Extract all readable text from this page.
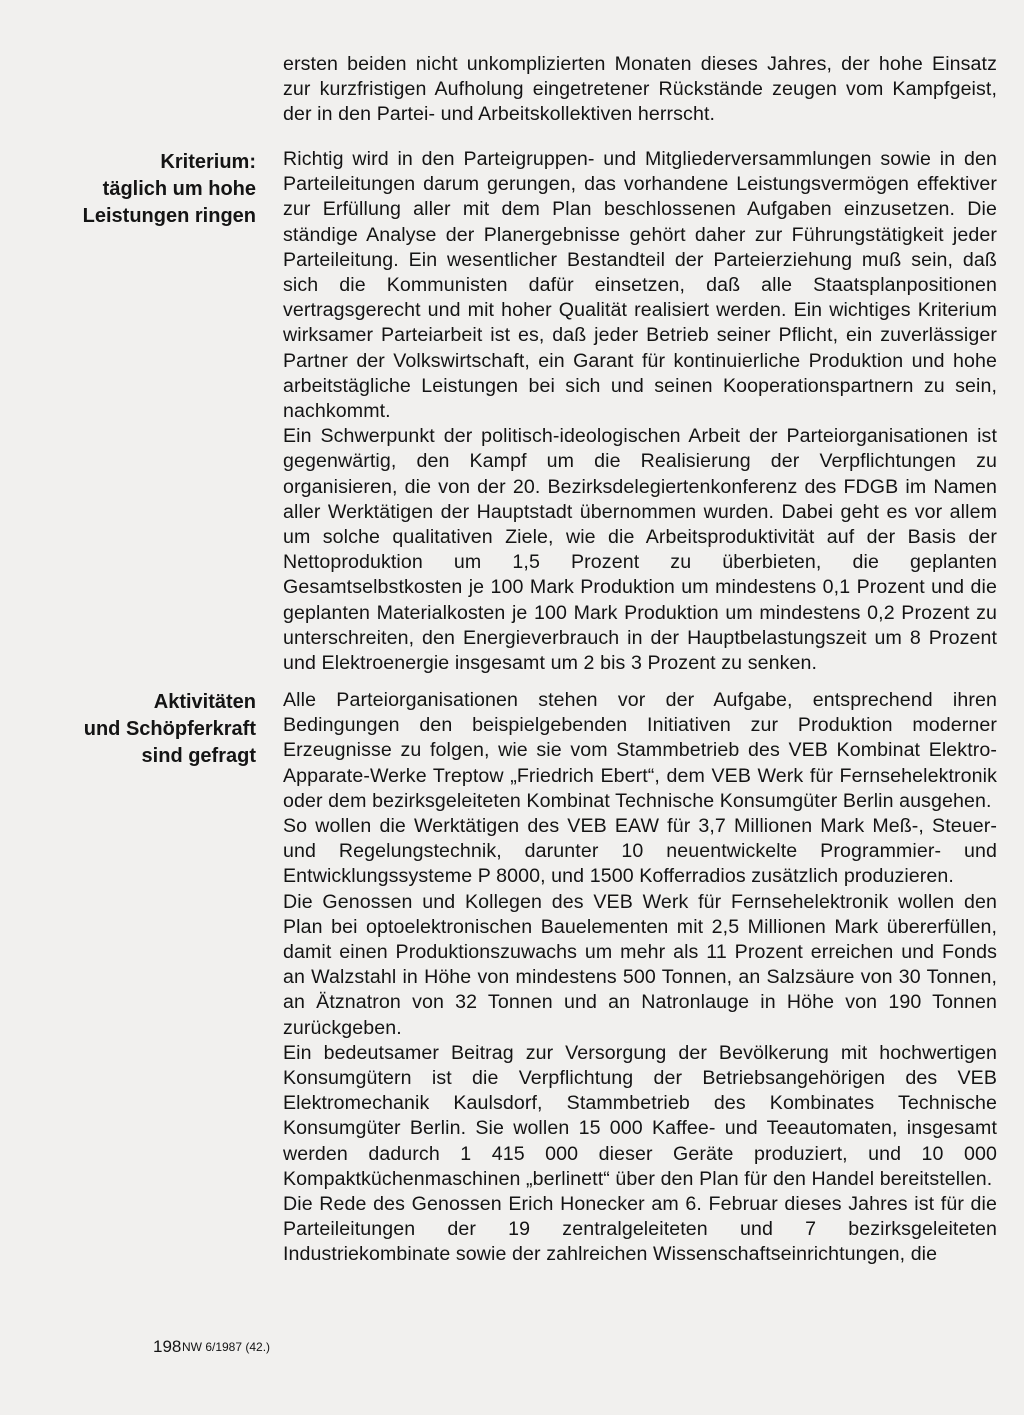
Kriterium:
täglich um hohe
Leistungen ringen
Aktivitäten
und Schöpferkraft
sind gefragt

ersten beiden nicht unkomplizierten Monaten dieses Jahres, der hohe Einsatz zur kurzfristigen Aufholung eingetretener Rückstände zeugen vom Kampfgeist, der in den Partei- und Arbeitskollektiven herrscht.

Richtig wird in den Parteigruppen- und Mitgliederversammlungen sowie in den Parteileitungen darum gerungen, das vorhandene Leistungsvermögen effektiver zur Erfüllung aller mit dem Plan beschlossenen Aufgaben einzusetzen. Die ständige Analyse der Planergebnisse gehört daher zur Führungstätigkeit jeder Parteileitung. Ein wesentlicher Bestandteil der Parteierziehung muß sein, daß sich die Kommunisten dafür einsetzen, daß alle Staatsplanpositionen vertragsgerecht und mit hoher Qualität realisiert werden. Ein wichtiges Kriterium wirksamer Parteiarbeit ist es, daß jeder Betrieb seiner Pflicht, ein zuverlässiger Partner der Volkswirtschaft, ein Garant für kontinuierliche Produktion und hohe arbeitstägliche Leistungen bei sich und seinen Kooperationspartnern zu sein, nachkommt.

Ein Schwerpunkt der politisch-ideologischen Arbeit der Parteiorganisationen ist gegenwärtig, den Kampf um die Realisierung der Verpflichtungen zu organisieren, die von der 20. Bezirksdelegiertenkonferenz des FDGB im Namen aller Werktätigen der Hauptstadt übernommen wurden. Dabei geht es vor allem um solche qualitativen Ziele, wie die Arbeitsproduktivität auf der Basis der Nettoproduktion um 1,5 Prozent zu überbieten, die geplanten Gesamtselbstkosten je 100 Mark Produktion um mindestens 0,1 Prozent und die geplanten Materialkosten je 100 Mark Produktion um mindestens 0,2 Prozent zu unterschreiten, den Energieverbrauch in der Hauptbelastungszeit um 8 Prozent und Elektroenergie insgesamt um 2 bis 3 Prozent zu senken.

Alle Parteiorganisationen stehen vor der Aufgabe, entsprechend ihren Bedingungen den beispielgebenden Initiativen zur Produktion moderner Erzeugnisse zu folgen, wie sie vom Stammbetrieb des VEB Kombinat Elektro-Apparate-Werke Treptow „Friedrich Ebert“, dem VEB Werk für Fernsehelektronik oder dem bezirksgeleiteten Kombinat Technische Konsumgüter Berlin ausgehen.

So wollen die Werktätigen des VEB EAW für 3,7 Millionen Mark Meß-, Steuer- und Regelungstechnik, darunter 10 neuentwickelte Programmier- und Entwicklungssysteme P 8000, und 1500 Kofferradios zusätzlich produzieren.

Die Genossen und Kollegen des VEB Werk für Fernsehelektronik wollen den Plan bei optoelektronischen Bauelementen mit 2,5 Millionen Mark übererfüllen, damit einen Produktionszuwachs um mehr als 11 Prozent erreichen und Fonds an Walzstahl in Höhe von mindestens 500 Tonnen, an Salzsäure von 30 Tonnen, an Ätznatron von 32 Tonnen und an Natronlauge in Höhe von 190 Tonnen zurückgeben.

Ein bedeutsamer Beitrag zur Versorgung der Bevölkerung mit hochwertigen Konsumgütern ist die Verpflichtung der Betriebsangehörigen des VEB Elektromechanik Kaulsdorf, Stammbetrieb des Kombinates Technische Konsumgüter Berlin. Sie wollen 15 000 Kaffee- und Teeautomaten, insgesamt werden dadurch 1 415 000 dieser Geräte produziert, und 10 000 Kompaktküchenmaschinen „berlinett“ über den Plan für den Handel bereitstellen.

Die Rede des Genossen Erich Honecker am 6. Februar dieses Jahres ist für die Parteileitungen der 19 zentralgeleiteten und 7 bezirksgeleiteten Industriekombinate sowie der zahlreichen Wissenschaftseinrichtungen, die

198 NW 6/1987 (42.)
